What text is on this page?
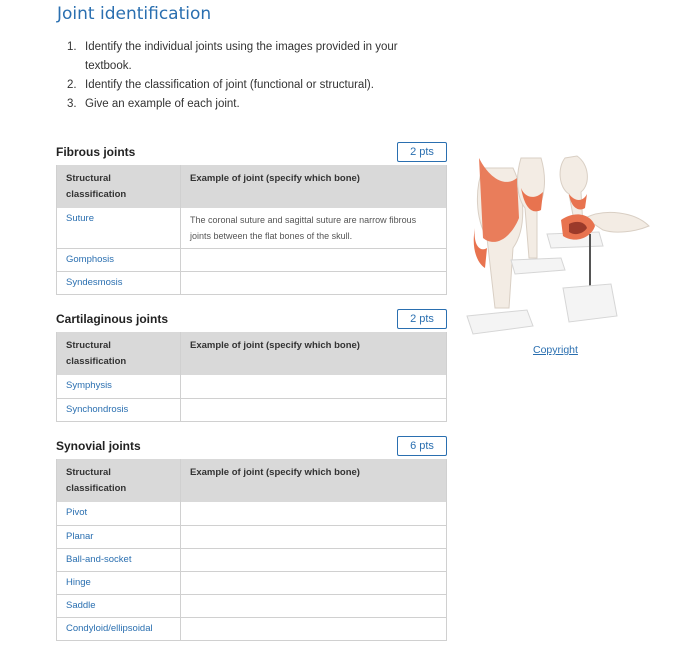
Joint identification
1. Identify the individual joints using the images provided in your textbook.
2. Identify the classification of joint (functional or structural).
3. Give an example of each joint.
Fibrous joints	2 pts
Structural classification	Example of joint (specify which bone)
Suture	The coronal suture and sagittal suture are narrow fibrous joints between the flat bones of the skull.
Gomphosis	
Syndesmosis	
Cartilaginous joints	2 pts
Structural classification	Example of joint (specify which bone)
Symphysis	
Synchondrosis	
Synovial joints	6 pts
Structural classification	Example of joint (specify which bone)
Pivot	
Planar	
Ball-and-socket	
Hinge	
Saddle	
Condyloid/ellipsoidal	
Copyright
